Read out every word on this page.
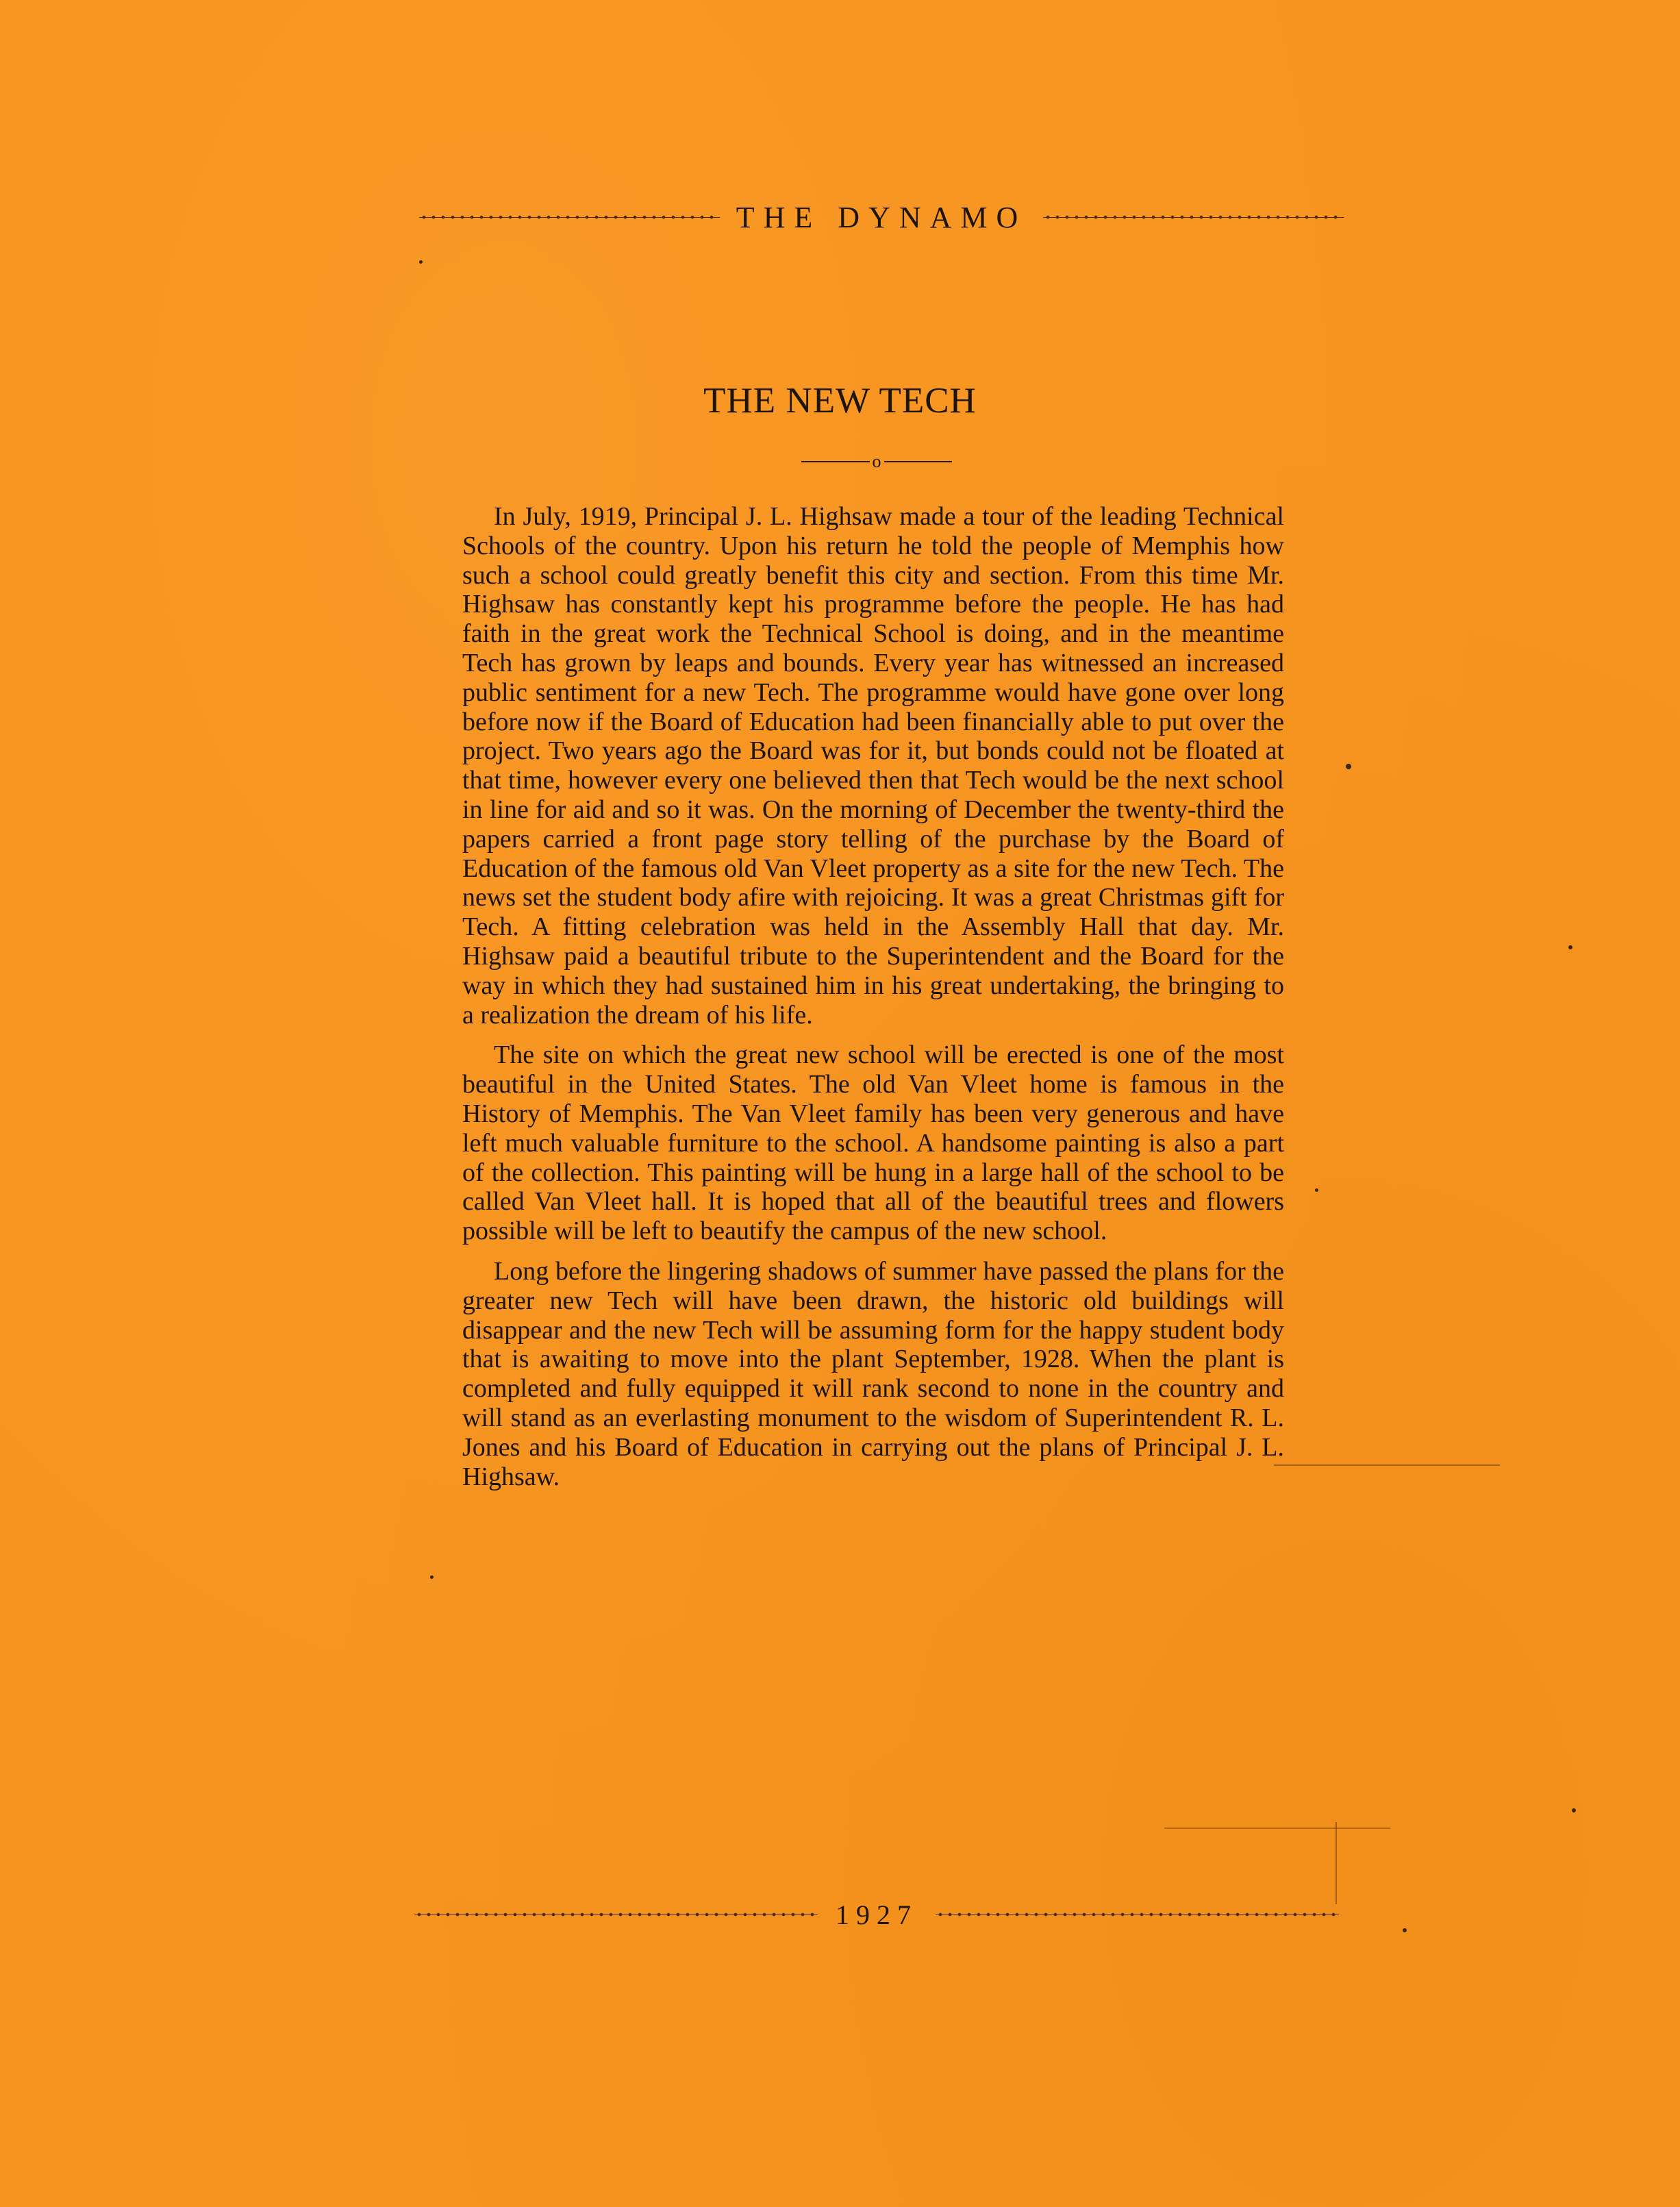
THE DYNAMO
THE NEW TECH
o

In July, 1919, Principal J. L. Highsaw made a tour of the leading Technical Schools of the country. Upon his return he told the people of Memphis how such a school could greatly benefit this city and section. From this time Mr. Highsaw has constantly kept his programme before the people. He has had faith in the great work the Technical School is doing, and in the meantime Tech has grown by leaps and bounds. Every year has witnessed an increased public sentiment for a new Tech. The programme would have gone over long before now if the Board of Education had been financially able to put over the project. Two years ago the Board was for it, but bonds could not be floated at that time, however every one believed then that Tech would be the next school in line for aid and so it was. On the morning of December the twenty-third the papers carried a front page story telling of the purchase by the Board of Education of the famous old Van Vleet property as a site for the new Tech. The news set the student body afire with rejoicing. It was a great Christmas gift for Tech. A fitting celebration was held in the Assembly Hall that day. Mr. Highsaw paid a beautiful tribute to the Superintendent and the Board for the way in which they had sustained him in his great undertaking, the bringing to a realization the dream of his life.

The site on which the great new school will be erected is one of the most beautiful in the United States. The old Van Vleet home is famous in the History of Memphis. The Van Vleet family has been very generous and have left much valuable furniture to the school. A handsome painting is also a part of the collection. This painting will be hung in a large hall of the school to be called Van Vleet hall. It is hoped that all of the beautiful trees and flowers possible will be left to beautify the campus of the new school.

Long before the lingering shadows of summer have passed the plans for the greater new Tech will have been drawn, the historic old buildings will disappear and the new Tech will be assuming form for the happy student body that is awaiting to move into the plant September, 1928. When the plant is completed and fully equipped it will rank second to none in the country and will stand as an everlasting monument to the wisdom of Superintendent R. L. Jones and his Board of Education in carrying out the plans of Principal J. L. Highsaw.

1927
